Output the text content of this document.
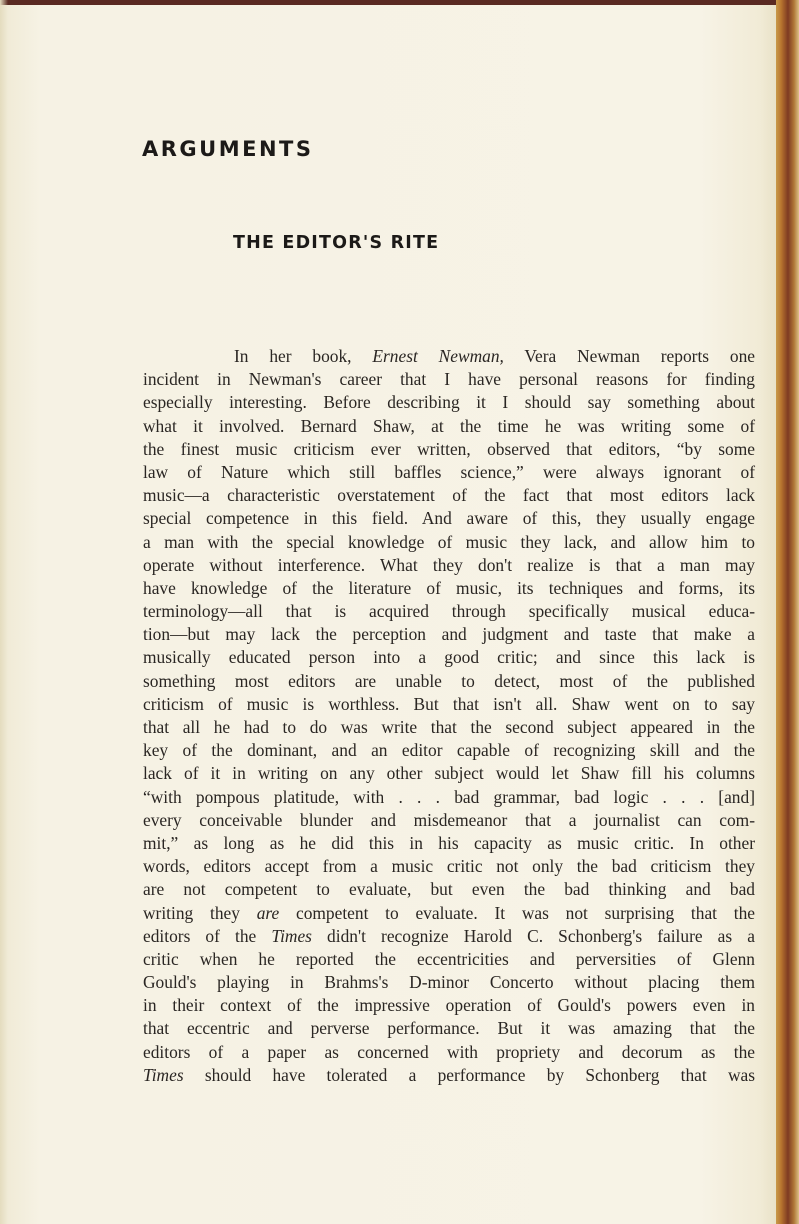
ARGUMENTS
THE EDITOR'S RITE
In her book, Ernest Newman, Vera Newman reports one
incident in Newman's career that I have personal reasons for finding
especially interesting. Before describing it I should say something about
what it involved. Bernard Shaw, at the time he was writing some of
the finest music criticism ever written, observed that editors, “by some
law of Nature which still baffles science,” were always ignorant of
music—a characteristic overstatement of the fact that most editors lack
special competence in this field. And aware of this, they usually engage
a man with the special knowledge of music they lack, and allow him to
operate without interference. What they don't realize is that a man may
have knowledge of the literature of music, its techniques and forms, its
terminology—all that is acquired through specifically musical educa-
tion—but may lack the perception and judgment and taste that make a
musically educated person into a good critic; and since this lack is
something most editors are unable to detect, most of the published
criticism of music is worthless. But that isn't all. Shaw went on to say
that all he had to do was write that the second subject appeared in the
key of the dominant, and an editor capable of recognizing skill and the
lack of it in writing on any other subject would let Shaw fill his columns
“with pompous platitude, with . . . bad grammar, bad logic . . . [and]
every conceivable blunder and misdemeanor that a journalist can com-
mit,” as long as he did this in his capacity as music critic. In other
words, editors accept from a music critic not only the bad criticism they
are not competent to evaluate, but even the bad thinking and bad
writing they are competent to evaluate. It was not surprising that the
editors of the Times didn't recognize Harold C. Schonberg's failure as a
critic when he reported the eccentricities and perversities of Glenn
Gould's playing in Brahms's D-minor Concerto without placing them
in their context of the impressive operation of Gould's powers even in
that eccentric and perverse performance. But it was amazing that the
editors of a paper as concerned with propriety and decorum as the
Times should have tolerated a performance by Schonberg that was
